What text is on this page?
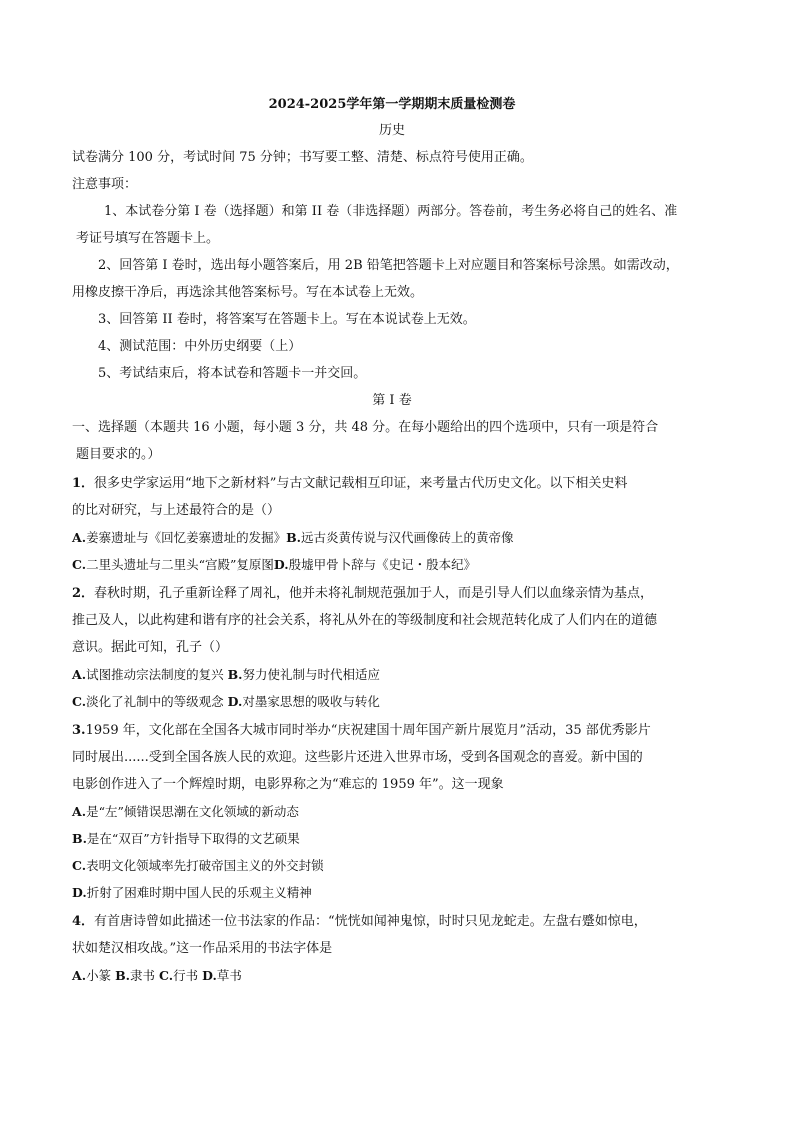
2024-2025学年第一学期期末质量检测卷
历史
试卷满分 100 分，考试时间 75 分钟；书写要工整、清楚、标点符号使用正确。
注意事项：
1、本试卷分第 I 卷（选择题）和第 II 卷（非选择题）两部分。答卷前，考生务必将自己的姓名、准
考证号填写在答题卡上。
2、回答第 I 卷时，选出每小题答案后，用 2B 铅笔把答题卡上对应题目和答案标号涂黑。如需改动，
用橡皮擦干净后，再选涂其他答案标号。写在本试卷上无效。
3、回答第 II 卷时，将答案写在答题卡上。写在本说试卷上无效。
4、测试范围：中外历史纲要（上）
5、考试结束后，将本试卷和答题卡一并交回。
第 I 卷
一、选择题（本题共 16 小题，每小题 3 分，共 48 分。在每小题给出的四个选项中，只有一项是符合
题目要求的。）
1．很多史学家运用“地下之新材料”与古文献记载相互印证，来考量古代历史文化。以下相关史料
的比对研究，与上述最符合的是（）
A.姜寨遗址与《回忆姜寨遗址的发掘》B.远古炎黄传说与汉代画像砖上的黄帝像
C.二里头遗址与二里头“宫殿”复原图D.殷墟甲骨卜辞与《史记・殷本纪》
2．春秋时期，孔子重新诠释了周礼，他并未将礼制规范强加于人，而是引导人们以血缘亲情为基点，
推己及人，以此构建和谐有序的社会关系，将礼从外在的等级制度和社会规范转化成了人们内在的道德
意识。据此可知，孔子（）
A.试图推动宗法制度的复兴 B.努力使礼制与时代相适应
C.淡化了礼制中的等级观念 D.对墨家思想的吸收与转化
3.1959 年，文化部在全国各大城市同时举办“庆祝建国十周年国产新片展览月”活动，35 部优秀影片
同时展出......受到全国各族人民的欢迎。这些影片还进入世界市场，受到各国观念的喜爱。新中国的
电影创作进入了一个辉煌时期，电影界称之为“难忘的 1959 年”。这一现象
A.是“左”倾错误思潮在文化领域的新动态
B.是在“双百”方针指导下取得的文艺硕果
C.表明文化领域率先打破帝国主义的外交封锁
D.折射了困难时期中国人民的乐观主义精神
4．有首唐诗曾如此描述一位书法家的作品：“恍恍如闻神鬼惊，时时只见龙蛇走。左盘右蹙如惊电，
状如楚汉相攻战。”这一作品采用的书法字体是
A.小篆 B.隶书 C.行书 D.草书
